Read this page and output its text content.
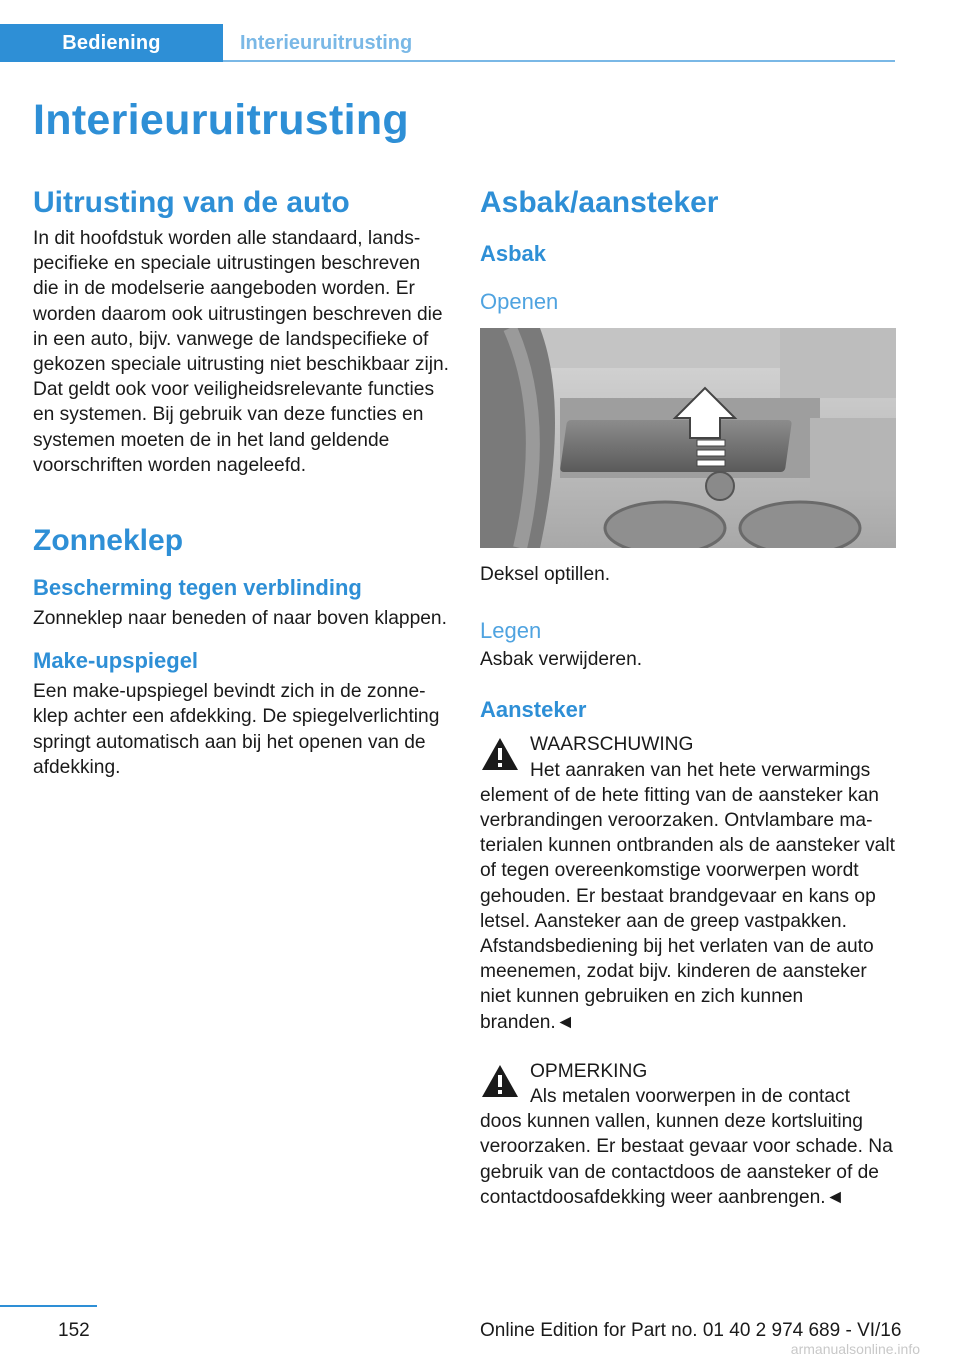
Bediening	Interieuruitrusting
Interieuruitrusting
Uitrusting van de auto

In dit hoofdstuk worden alle standaard, landspecifieke en speciale uitrustingen beschreven die in de modelserie aangeboden worden. Er worden daarom ook uitrustingen beschreven die in een auto, bijv. vanwege de landspecifieke of gekozen speciale uitrusting niet beschikbaar zijn. Dat geldt ook voor veiligheidsrelevante functies en systemen. Bij gebruik van deze functies en systemen moeten de in het land geldende voorschriften worden nageleefd.

Zonneklep
Bescherming tegen verblinding

Zonneklep naar beneden of naar boven klappen.

Make-upspiegel

Een make-upspiegel bevindt zich in de zonneklep achter een afdekking. De spiegelverlichting springt automatisch aan bij het openen van de afdekking.

Asbak/aansteker
Asbak
Openen

Deksel optillen.

Legen

Asbak verwijderen.

Aansteker
WAARSCHUWING

Het aanraken van het hete verwarmings
element of de hete fitting van de aansteker kan verbrandingen veroorzaken. Ontvlambare materialen kunnen ontbranden als de aansteker valt of tegen overeenkomstige voorwerpen wordt gehouden. Er bestaat brandgevaar en kans op letsel. Aansteker aan de greep vastpakken. Afstandsbediening bij het verlaten van de auto meenemen, zodat bijv. kinderen de aansteker niet kunnen gebruiken en zich kunnen branden.◄

OPMERKING

Als metalen voorwerpen in de contact
doos kunnen vallen, kunnen deze kortsluiting veroorzaken. Er bestaat gevaar voor schade. Na gebruik van de contactdoos de aansteker of de contactdoosafdekking weer aanbrengen.◄

152	Online Edition for Part no. 01 40 2 974 689 - VI/16
armanualsonline.info
